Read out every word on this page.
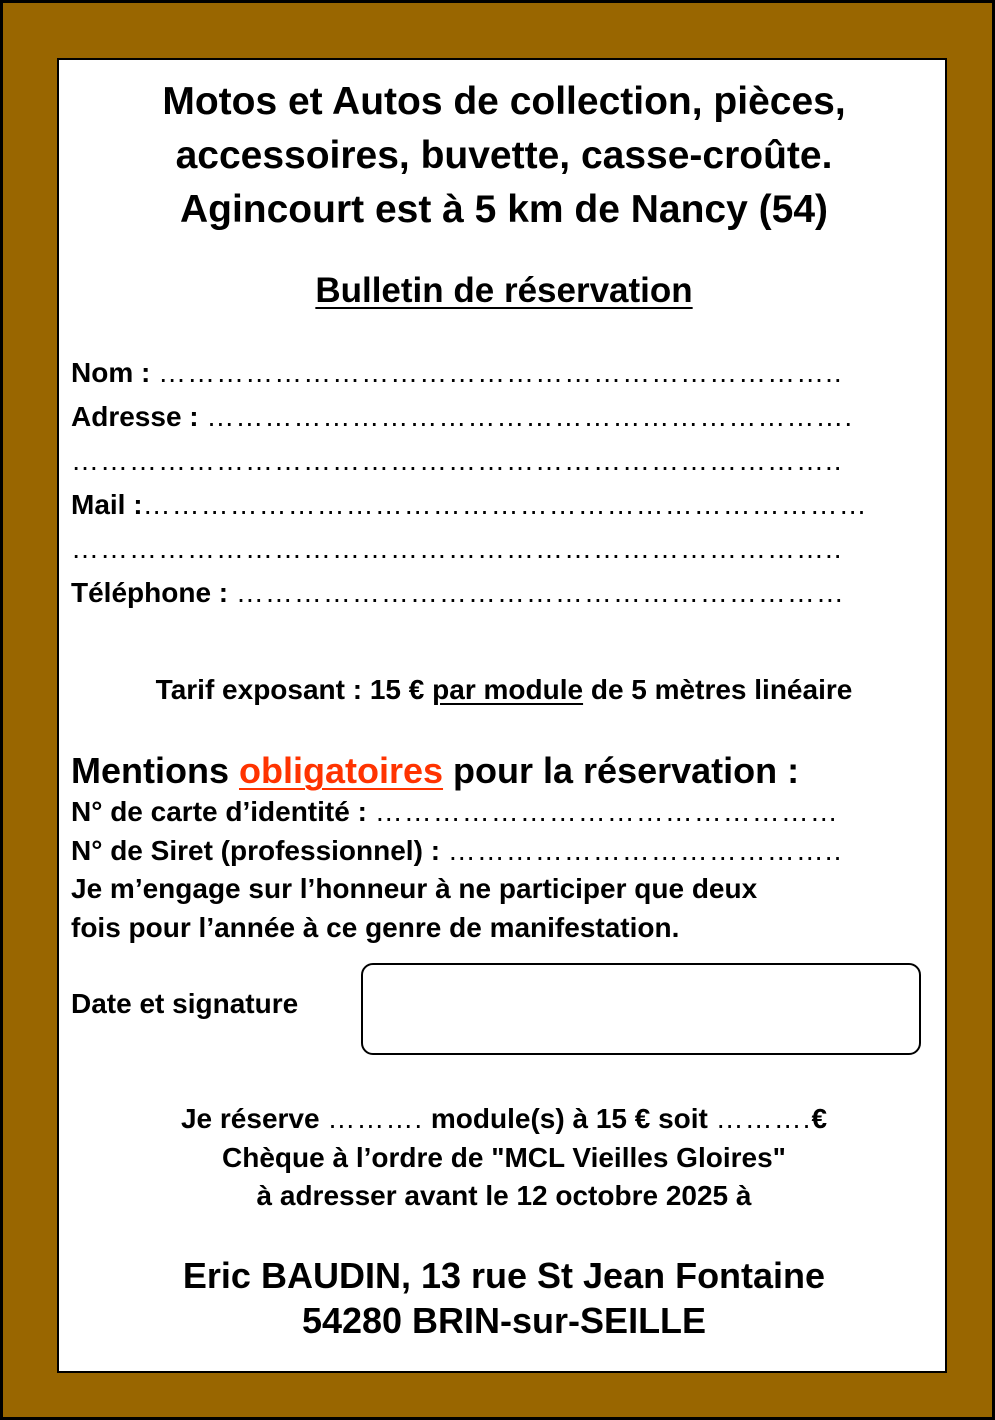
Motos et Autos de collection, pièces,
accessoires, buvette, casse-croûte.
Agincourt est à 5 km de Nancy (54)
Bulletin de réservation
Nom : ……………………………………………………………..
Adresse : ………………………………………………………….
……………………………………………………………………..
Mail :…………………………………………………………………
……………………………………………………………………..
Téléphone : ………………………………………………………
Tarif exposant : 15 € par module de 5 mètres linéaire
Mentions obligatoires pour la réservation :
N° de carte d’identité : …………………………………………
N° de Siret (professionnel) : …………………………………..
Je m’engage sur l’honneur à ne participer que deux
fois pour l’année à ce genre de manifestation.
Date et signature
Je réserve ………. module(s) à 15 € soit ……….€
Chèque à l’ordre de "MCL Vieilles Gloires"
à adresser avant le 12 octobre 2025 à
Eric BAUDIN, 13 rue St Jean Fontaine
54280 BRIN-sur-SEILLE
